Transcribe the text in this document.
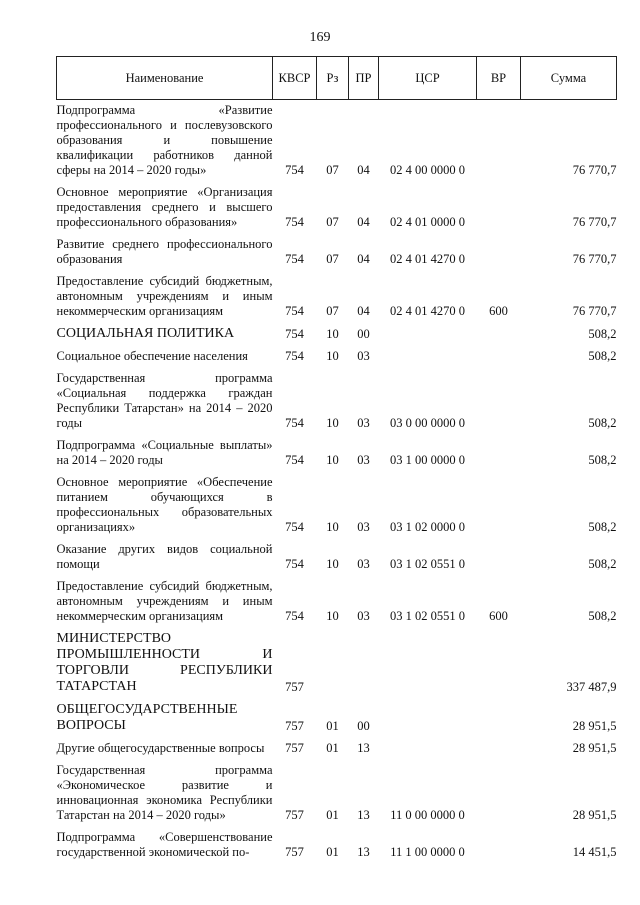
169
Наименование	КВСР	Рз	ПР	ЦСР	ВР	Сумма
Подпрограмма «Развитие профессионального и послевузовского образования и повышение квалификации работников данной сферы на 2014 – 2020 годы»	754	07	04	02 4 00 0000 0		76 770,7
Основное мероприятие «Организация предоставления среднего и высшего профессионального образования»	754	07	04	02 4 01 0000 0		76 770,7
Развитие среднего профессионального образования	754	07	04	02 4 01 4270 0		76 770,7
Предоставление субсидий бюджетным, автономным учреждениям и иным некоммерческим организациям	754	07	04	02 4 01 4270 0	600	76 770,7
СОЦИАЛЬНАЯ ПОЛИТИКА	754	10	00			508,2
Социальное обеспечение населения	754	10	03			508,2
Государственная программа «Социальная поддержка граждан Республики Татарстан» на 2014 – 2020 годы	754	10	03	03 0 00 0000 0		508,2
Подпрограмма «Социальные выплаты» на 2014 – 2020 годы	754	10	03	03 1 00 0000 0		508,2
Основное мероприятие «Обеспечение питанием обучающихся в профессиональных образовательных организациях»	754	10	03	03 1 02 0000 0		508,2
Оказание других видов социальной помощи	754	10	03	03 1 02 0551 0		508,2
Предоставление субсидий бюджетным, автономным учреждениям и иным некоммерческим организациям	754	10	03	03 1 02 0551 0	600	508,2
МИНИСТЕРСТВО ПРОМЫШЛЕННОСТИ И ТОРГОВЛИ РЕСПУБЛИКИ ТАТАРСТАН	757					337 487,9
ОБЩЕГОСУДАРСТВЕННЫЕ ВОПРОСЫ	757	01	00			28 951,5
Другие общегосударственные вопросы	757	01	13			28 951,5
Государственная программа «Экономическое развитие и инновационная экономика Республики Татарстан на 2014 – 2020 годы»	757	01	13	11 0 00 0000 0		28 951,5
Подпрограмма «Совершенствование государственной экономической по-	757	01	13	11 1 00 0000 0		14 451,5
